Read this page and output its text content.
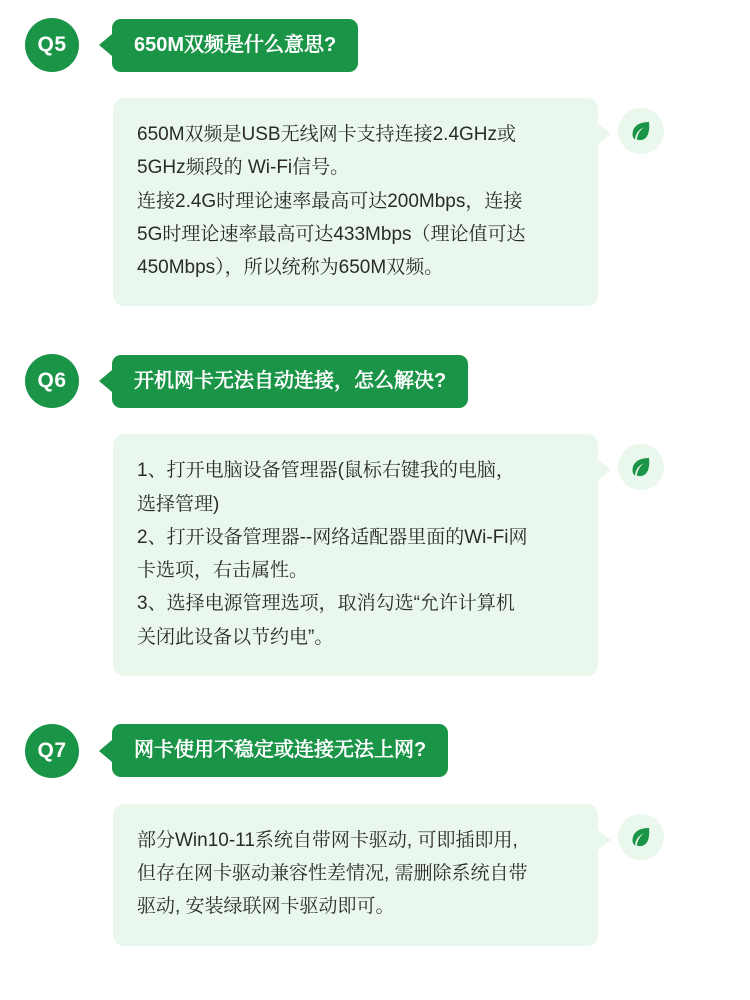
Q5	650M双频是什么意思?

650M双频是USB无线网卡支持连接2.4GHz或

5GHz频段的 Wi-Fi信号。

连接2.4G时理论速率最高可达200Mbps，连接

5G时理论速率最高可达433Mbps（理论值可达

450Mbps），所以统称为650M双频。

Q6	开机网卡无法自动连接，怎么解决?

1、打开电脑设备管理器(鼠标右键我的电脑，

选择管理)

2、打开设备管理器--网络适配器里面的Wi-Fi网

卡选项，右击属性。

3、选择电源管理选项，取消勾选“允许计算机

关闭此设备以节约电”。

Q7	网卡使用不稳定或连接无法上网?

部分Win10-11系统自带网卡驱动, 可即插即用,

但存在网卡驱动兼容性差情况, 需删除系统自带

驱动, 安装绿联网卡驱动即可。
